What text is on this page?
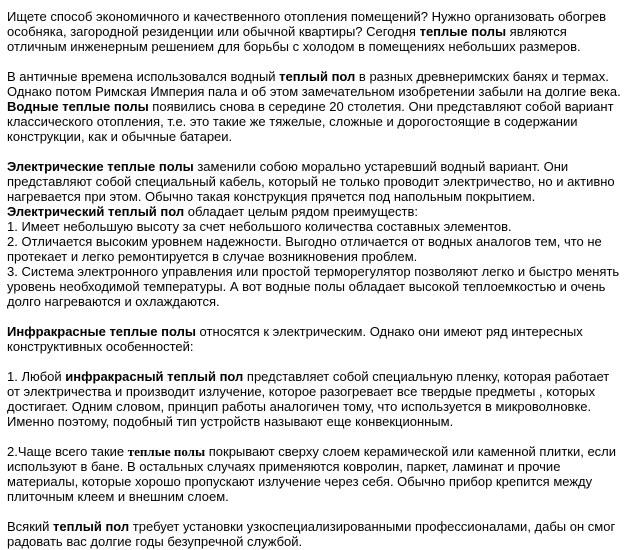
Ищете способ экономичного и качественного отопления помещений? Нужно организовать обогрев особняка, загородной резиденции или обычной квартиры? Сегодня теплые полы являются отличным инженерным решением для борьбы с холодом в помещениях небольших размеров.

В античные времена использовался водный теплый пол в разных древнеримских банях и термах. Однако потом Римская Империя пала и об этом замечательном изобретении забыли на долгие века. Водные теплые полы появились снова в середине 20 столетия. Они представляют собой вариант классического отопления, т.е. это такие же тяжелые, сложные и дорогостоящие в содержании конструкции, как и обычные батареи.

Электрические теплые полы заменили собою морально устаревший водный вариант. Они представляют собой специальный кабель, который не только проводит электричество, но и активно нагревается при этом. Обычно такая конструкция прячется под напольным покрытием.

Электрический теплый пол обладает целым рядом преимуществ:

1. Имеет небольшую высоту за счет небольшого количества составных элементов.

2. Отличается высоким уровнем надежности. Выгодно отличается от водных аналогов тем, что не протекает и легко ремонтируется в случае возникновения проблем.

3. Система электронного управления или простой терморегулятор позволяют легко и быстро менять уровень необходимой температуры. А вот водные полы обладает высокой теплоемкостью и очень долго нагреваются и охлаждаются.

Инфракрасные теплые полы относятся к электрическим. Однако они имеют ряд интересных конструктивных особенностей:

1. Любой инфракрасный теплый пол представляет собой специальную пленку, которая работает от электричества и производит излучение, которое разогревает все твердые предметы , которых достигает. Одним словом, принцип работы аналогичен тому, что используется в микроволновке. Именно поэтому, подобный тип устройств называют еще конвекционным.

2.Чаще всего такие теплые полы покрывают сверху слоем керамической или каменной плитки, если используют в бане. В остальных случаях применяются ковролин, паркет, ламинат и прочие материалы, которые хорошо пропускают излучение через себя. Обычно прибор крепится между плиточным клеем и внешним слоем.

Всякий теплый пол требует установки узкоспециализированными профессионалами, дабы он смог радовать вас долгие годы безупречной службой.
